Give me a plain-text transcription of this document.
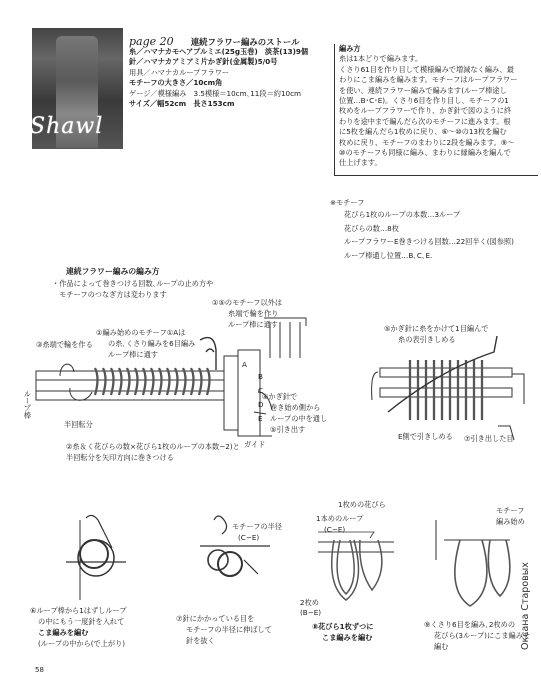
Shawl
page 20 連続フラワー編みのストール
糸／ハマナカモヘアプルミエ(25g玉巻)　淡茶(13)9個
針／ハマナカアミアミ片かぎ針(金属製)5/0号
用具／ハマナカループフラワー
モチーフの大きさ／10cm角
ゲージ／模様編み　3.5模様＝10cm､11段＝約10cm
サイズ／幅52cm　長さ153cm
編み方
糸は1本どりで編みます。
くさり61目を作り目して模様編みで増減なく編み、最
わりにこま編みを編みます。モチーフはループフラワー
を使い、連続フラワー編みで編みます(ループ棒途し
位置…B･C･E)。くさり6目を作り目し、モチーフの1
枚めをループフラワーで作り、かぎ針で図のように終
わりを途中まで編んだら次のモチーフに進みます。根
に5枚を編んだら1枚めに戻り、⑥〜⑩の13枚を編む
枚めに戻り、モチーフのまわりに2段を編みます。⑨〜
⑩のモチーフも同様に編み、まわりに縁編みを編んで
仕上げます。
※モチーフ
花びら1枚のループの本数…3ループ
花びらの数…8枚
ループフラワーE巻きつける回数…22回半く(図参照)
ループ棒通し位置…B､C､E.
連続フラワー編みの編み方
・作品によって巻きつける回数､ループの止め方や
　モチーフのつなぎ方は変わります
①⑤のモチーフ以外は
糸端で輪を作り
ループ棒に通す
①編み始めのモチーフ①Aは
の糸､くさり編みを6目編み
ループ棒に通す
③糸端で輪を作る
ループ棒
半回転分
④かぎ針で
巻き始め側から
ループの中を通し
⑤引き出す
ガイド
②糸＆く花びらの数×花びら1枚のループの本数−2)と
半回転分を矢印方向に巻きつける
A
B
C
D
E
⑤かぎ針に糸をかけて1目編んで
糸の表引きしめる
E側で引きしめる ⑦引き出した目
⑥ループ棒から1はずしループ
の中にもう一度針を入れて
こま編みを編む
(ループの中から(で上がり)
モチーフの半径
(C−E)
⑦針にかかっている目を
モチーフの半径に伸ばして
針を抜く
1枚めの花びら
1本めのループ
(C−E)
2枚め
(B−E)
⑧花びら1枚ずつに
こま編みを編む
モチーフ
編み始め
⑨くさり6目を編み､2枚めの
花びら(3ループ)にこま編みを
編む
58
Оксана Старовых
